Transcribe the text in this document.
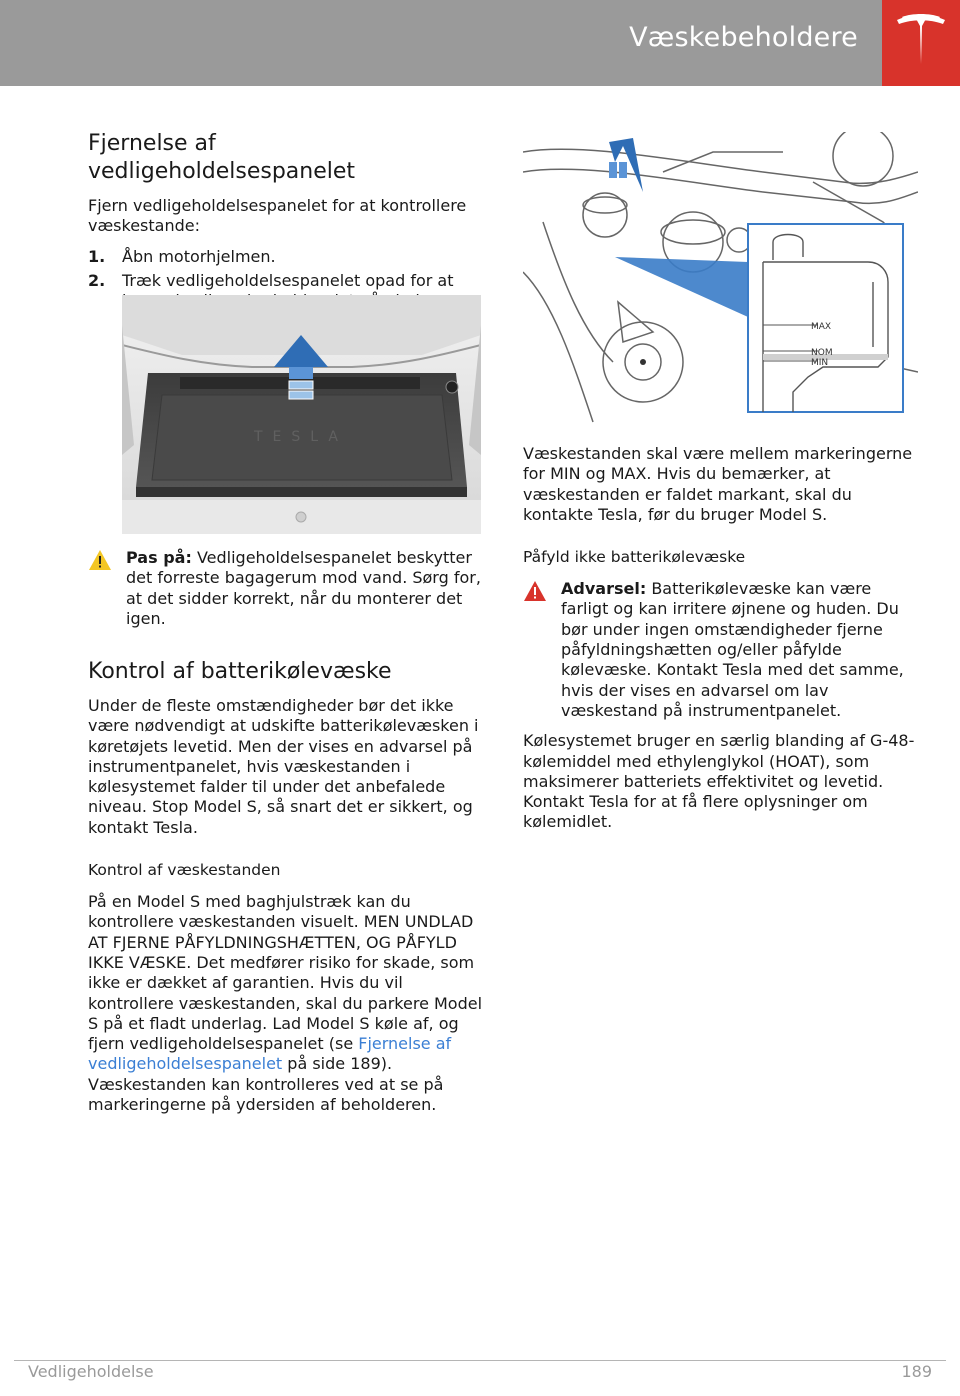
Væskebeholdere
Fjernelse af vedligeholdelsespanelet

Fjern vedligeholdelsespanelet for at kontrollere væskestande:

1. Åbn motorhjelmen.
2. Træk vedligeholdelsespanelet opad for at
TESLA
Pas på: Vedligeholdelsespanelet beskytter det forreste bagagerum mod vand. Sørg for, at det sidder korrekt, når du monterer det igen.
Kontrol af batterikølevæske

Under de fleste omstændigheder bør det ikke være nødvendigt at udskifte batterikølevæsken i køretøjets levetid. Men der vises en advarsel på instrumentpanelet, hvis væskestanden i kølesystemet falder til under det anbefalede niveau. Stop Model S, så snart det er sikkert, og kontakt Tesla.

Kontrol af væskestanden

På en Model S med baghjulstræk kan du kontrollere væskestanden visuelt. MEN UNDLAD AT FJERNE PÅFYLDNINGSHÆTTEN, OG PÅFYLD IKKE VÆSKE. Det medfører risiko for skade, som ikke er dækket af garantien. Hvis du vil kontrollere væskestanden, skal du parkere Model S på et fladt underlag. Lad Model S køle af, og fjern vedligeholdelsespanelet (se Fjernelse af vedligeholdelsespanelet på side 189). Væskestanden kan kontrolleres ved at se på markeringerne på ydersiden af beholderen.

MAX
NOM
MIN

Væskestanden skal være mellem markeringerne for MIN og MAX. Hvis du bemærker, at væskestanden er faldet markant, skal du kontakte Tesla, før du bruger Model S.

Påfyld ikke batterikølevæske
Advarsel: Batterikølevæske kan være farligt og kan irritere øjnene og huden. Du bør under ingen omstændigheder fjerne påfyldningshætten og/eller påfylde kølevæske. Kontakt Tesla med det samme, hvis der vises en advarsel om lav væskestand på instrumentpanelet.

Kølesystemet bruger en særlig blanding af G-48-kølemiddel med ethylenglykol (HOAT), som maksimerer batteriets effektivitet og levetid. Kontakt Tesla for at få flere oplysninger om kølemidlet.

Vedligeholdelse	189
